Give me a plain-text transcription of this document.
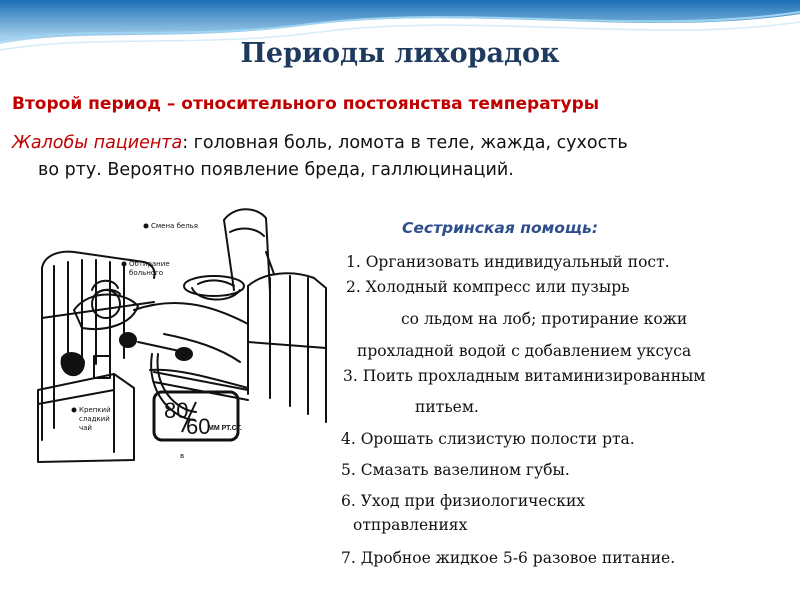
Периоды лихорадок

Второй период – относительного постоянства температуры

Жалобы пациента: головная боль, ломота в теле, жажда, сухость
во рту. Вероятно появление бреда, галлюцинаций.

Смена белья
Обтирание
больного
Крепкий
сладкий
чай
в
80
60
ММ РТ.СТ.

Сестринская помощь:

1. Организовать индивидуальный пост.

2. Холодный компресс или пузырь

со льдом на лоб; протирание кожи

прохладной водой с добавлением уксуса

3. Поить прохладным витаминизированным

питьем.

4. Орошать слизистую полости рта.

5. Смазать вазелином губы.

6. Уход при физиологических

отправлениях

7. Дробное жидкое 5-6 разовое питание.
